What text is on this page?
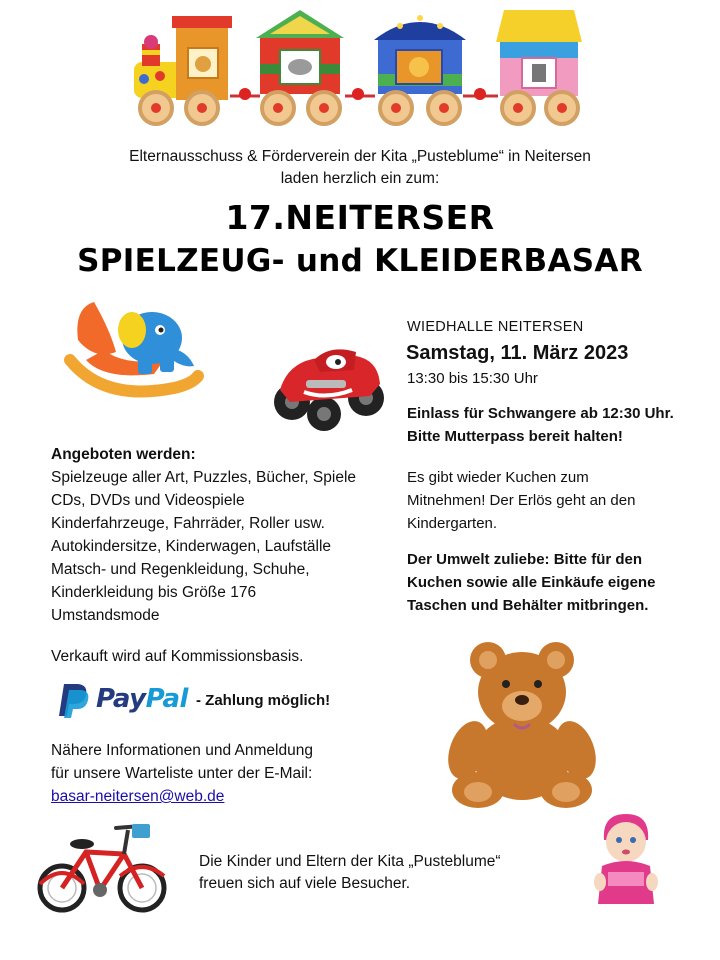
Elternausschuss & Förderverein der Kita „Pusteblume“ in Neitersen
laden herzlich ein zum:
17.NEITERSER
SPIELZEUG- und KLEIDERBASAR
WIEDHALLE NEITERSEN
Samstag, 11. März 2023
13:30 bis 15:30 Uhr
Einlass für Schwangere ab 12:30 Uhr.
Bitte Mutterpass bereit halten!
Es gibt wieder Kuchen zum
Mitnehmen! Der Erlös geht an den
Kindergarten.
Der Umwelt zuliebe: Bitte für den
Kuchen sowie alle Einkäufe eigene
Taschen und Behälter mitbringen.
Angeboten werden:
Spielzeuge aller Art, Puzzles, Bücher, Spiele
CDs, DVDs und Videospiele
Kinderfahrzeuge, Fahrräder, Roller usw.
Autokindersitze, Kinderwagen, Laufställe
Matsch- und Regenkleidung, Schuhe,
Kinderkleidung bis Größe 176
Umstandsmode
Verkauft wird auf Kommissionsbasis.
PayPal - Zahlung möglich!
Nähere Informationen und Anmeldung
für unsere Warteliste unter der E-Mail:
basar-neitersen@web.de
Die Kinder und Eltern der Kita „Pusteblume“
freuen sich auf viele Besucher.
